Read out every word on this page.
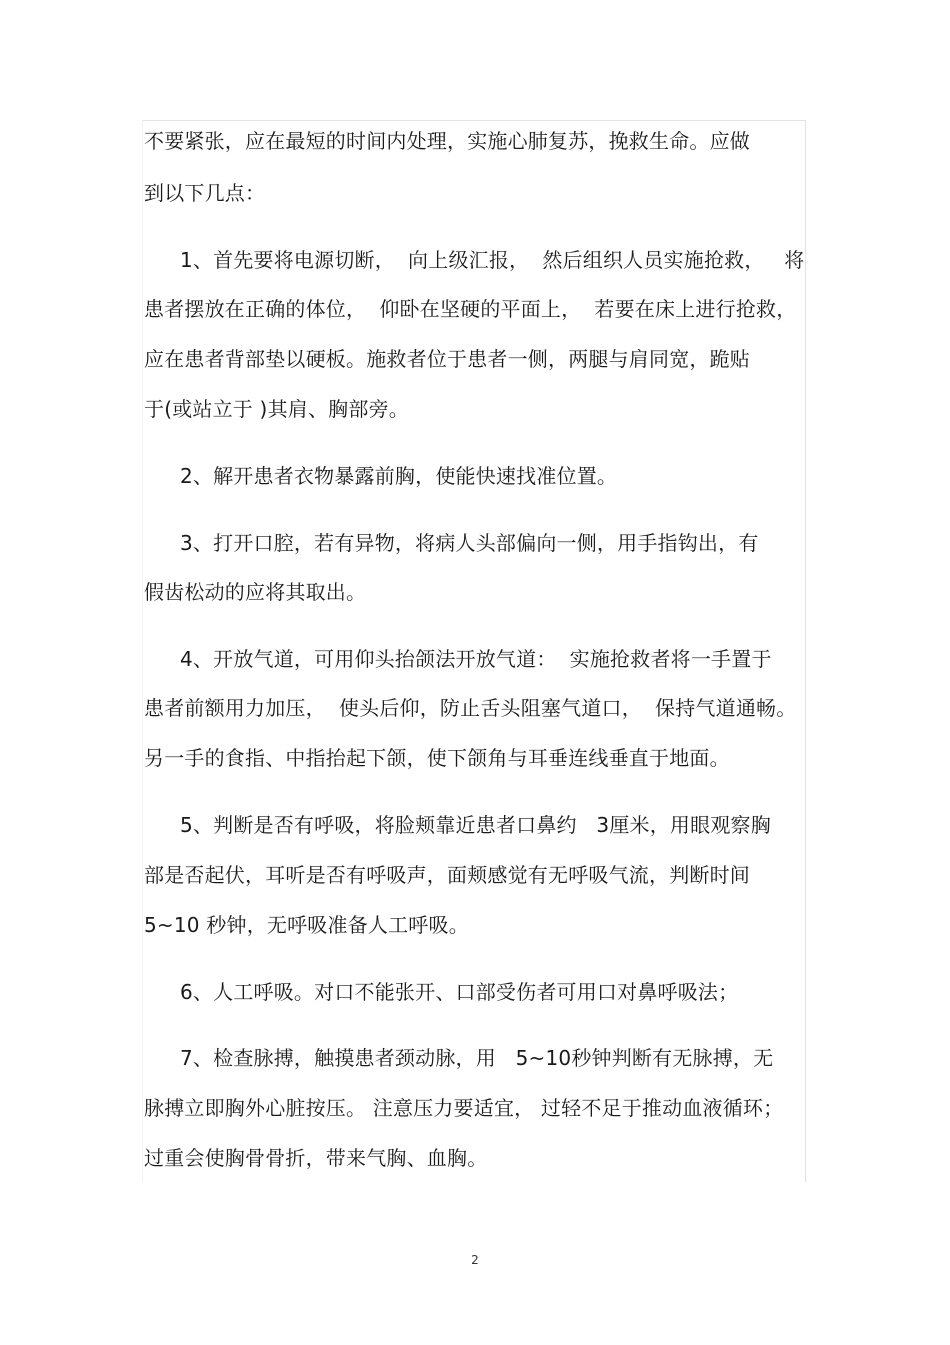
不要紧张，应在最短的时间内处理，实施心肺复苏，挽救生命。应做
到以下几点：
1、首先要将电源切断，  向上级汇报，  然后组织人员实施抢救，   将
患者摆放在正确的体位，  仰卧在坚硬的平面上，  若要在床上进行抢救，
应在患者背部垫以硬板。施救者位于患者一侧，两腿与肩同宽，跪贴
于(或站立于 )其肩、胸部旁。
2、解开患者衣物暴露前胸，使能快速找准位置。
3、打开口腔，若有异物，将病人头部偏向一侧，用手指钩出，有
假齿松动的应将其取出。
4、开放气道，可用仰头抬颌法开放气道：  实施抢救者将一手置于
患者前额用力加压，  使头后仰，防止舌头阻塞气道口，  保持气道通畅。
另一手的食指、中指抬起下颌，使下颌角与耳垂连线垂直于地面。
5、判断是否有呼吸，将脸颊靠近患者口鼻约   3厘米，用眼观察胸
部是否起伏，耳听是否有呼吸声，面颊感觉有无呼吸气流，判断时间
5~10 秒钟，无呼吸准备人工呼吸。
6、人工呼吸。对口不能张开、口部受伤者可用口对鼻呼吸法；
7、检查脉搏，触摸患者颈动脉，用   5~10秒钟判断有无脉搏，无
脉搏立即胸外心脏按压。 注意压力要适宜， 过轻不足于推动血液循环；
过重会使胸骨骨折，带来气胸、血胸。
2
